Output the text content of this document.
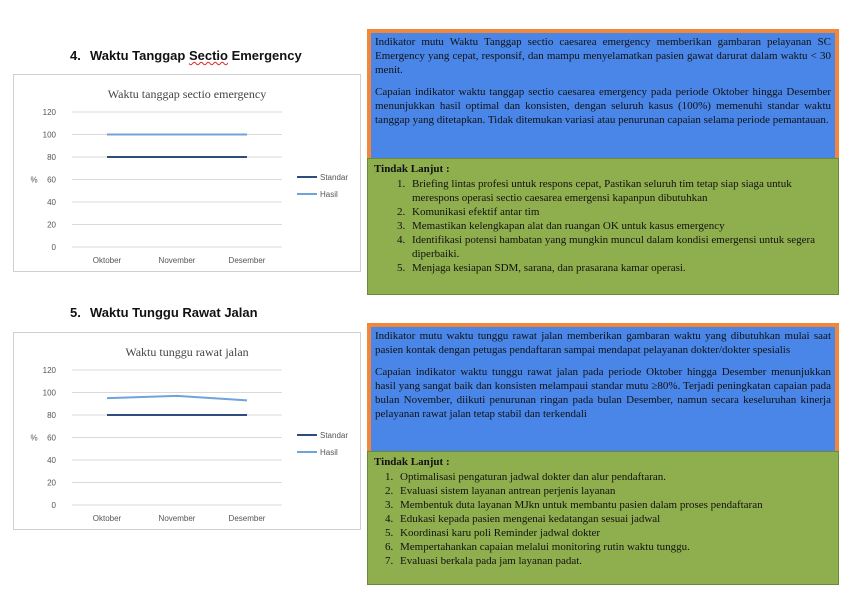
4. Waktu Tanggap Sectio Emergency
Waktu tanggap sectio emergency
0
20
40
60
80
100
120
%
Oktober	November	Desember
Standar
Hasil

Indikator mutu Waktu Tanggap sectio caesarea emergency memberikan gambaran pelayanan SC Emergency yang cepat, responsif, dan mampu menyelamatkan pasien gawat darurat dalam waktu < 30 menit.

Capaian indikator waktu tanggap sectio caesarea emergency pada periode Oktober hingga Desember menunjukkan hasil optimal dan konsisten, dengan seluruh kasus (100%) memenuhi standar waktu tanggap yang ditetapkan. Tidak ditemukan variasi atau penurunan capaian selama periode pemantauan.

Tindak Lanjut :
1. Briefing lintas profesi untuk respons cepat, Pastikan seluruh tim tetap siap siaga untuk merespons operasi sectio caesarea emergensi kapanpun dibutuhkan
2. Komunikasi efektif antar tim
3. Memastikan kelengkapan alat dan ruangan OK untuk kasus emergency
4. Identifikasi potensi hambatan yang mungkin muncul dalam kondisi emergensi untuk segera diperbaiki.
5. Menjaga kesiapan SDM, sarana, dan prasarana kamar operasi.
5. Waktu Tunggu Rawat Jalan
Waktu tunggu rawat jalan
0
20
40
60
80
100
120
%
Oktober	November	Desember
Standar
Hasil

Indikator mutu waktu tunggu rawat jalan memberikan gambaran waktu yang dibutuhkan mulai saat pasien kontak dengan petugas pendaftaran sampai mendapat pelayanan dokter/dokter spesialis

Capaian indikator waktu tunggu rawat jalan pada periode Oktober hingga Desember menunjukkan hasil yang sangat baik dan konsisten melampaui standar mutu ≥80%. Terjadi peningkatan capaian pada bulan November, diikuti penurunan ringan pada bulan Desember, namun secara keseluruhan kinerja pelayanan rawat jalan tetap stabil dan terkendali

Tindak Lanjut :
1. Optimalisasi pengaturan jadwal dokter dan alur pendaftaran.
2. Evaluasi sistem layanan antrean perjenis layanan
3. Membentuk duta layanan MJkn untuk membantu pasien dalam proses pendaftaran
4. Edukasi kepada pasien mengenai kedatangan sesuai jadwal
5. Koordinasi karu poli Reminder jadwal dokter
6. Mempertahankan capaian melalui monitoring rutin waktu tunggu.
7. Evaluasi berkala pada jam layanan padat.
